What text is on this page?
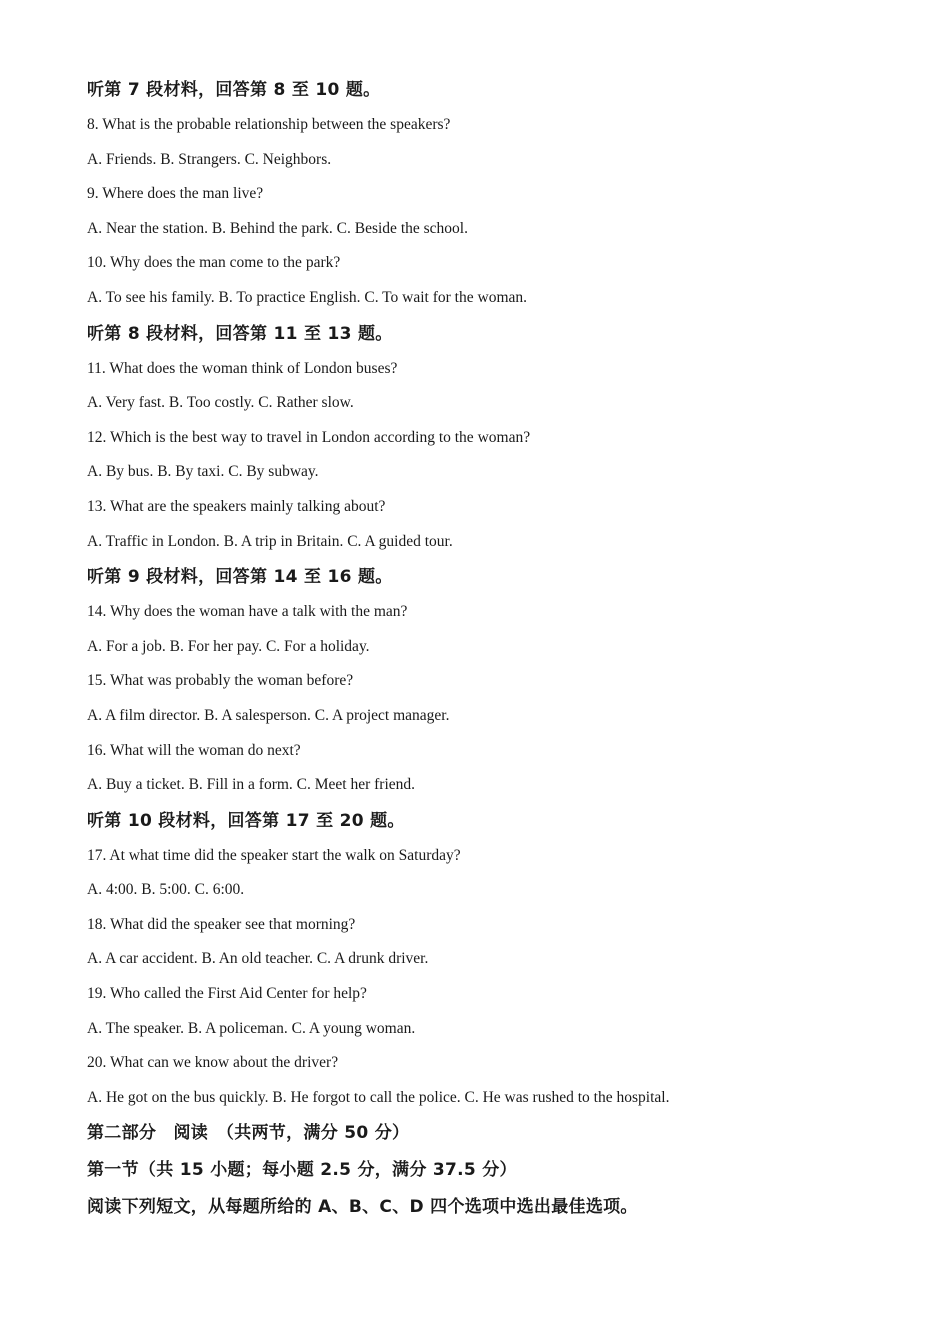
听第 7 段材料，回答第 8 至 10 题。
8. What is the probable relationship between the speakers?
A. Friends. B. Strangers. C. Neighbors.
9. Where does the man live?
A. Near the station. B. Behind the park. C. Beside the school.
10. Why does the man come to the park?
A. To see his family. B. To practice English. C. To wait for the woman.
听第 8 段材料，回答第 11 至 13 题。
11. What does the woman think of London buses?
A. Very fast. B. Too costly. C. Rather slow.
12. Which is the best way to travel in London according to the woman?
A. By bus. B. By taxi. C. By subway.
13. What are the speakers mainly talking about?
A. Traffic in London. B. A trip in Britain. C. A guided tour.
听第 9 段材料，回答第 14 至 16 题。
14. Why does the woman have a talk with the man?
A. For a job. B. For her pay. C. For a holiday.
15. What was probably the woman before?
A. A film director. B. A salesperson. C. A project manager.
16. What will the woman do next?
A. Buy a ticket. B. Fill in a form. C. Meet her friend.
听第 10 段材料，回答第 17 至 20 题。
17. At what time did the speaker start the walk on Saturday?
A. 4:00. B. 5:00. C. 6:00.
18. What did the speaker see that morning?
A. A car accident. B. An old teacher. C. A drunk driver.
19. Who called the First Aid Center for help?
A. The speaker. B. A policeman. C. A young woman.
20. What can we know about the driver?
A. He got on the bus quickly. B. He forgot to call the police. C. He was rushed to the hospital.
第二部分　阅读　（共两节，满分 50 分）
第一节（共 15 小题；每小题 2.5 分，满分 37.5 分）
阅读下列短文，从每题所给的 A、B、C、D 四个选项中选出最佳选项。
